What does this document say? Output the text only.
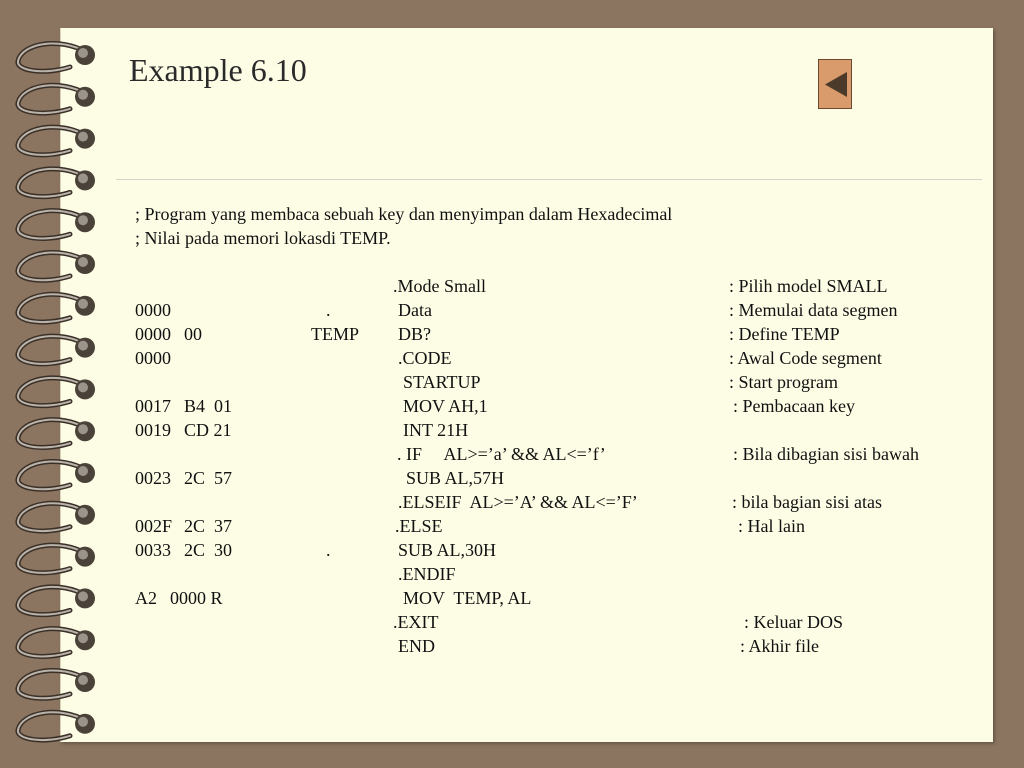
Example 6.10
; Program yang membaca sebuah key dan menyimpan dalam Hexadecimal
; Nilai pada memori lokasdi TEMP.
.Mode Small	: Pilih model SMALL
0000	.	Data	: Memulai data segmen
0000 00	TEMP DB?	: Define TEMP
0000	.CODE	: Awal Code segment
STARTUP	: Start program
0017 B4  01	MOV AH,1	: Pembacaan key
0019 CD 21	INT 21H
. IF     AL>=’a’ && AL<=’f’	: Bila dibagian sisi bawah
0023 2C  57	SUB AL,57H
.ELSEIF  AL>=’A’ && AL<=’F’	: bila bagian sisi atas
002F 2C  37	.ELSE	: Hal lain
0033 2C  30	.	SUB AL,30H
.ENDIF
A2 0000 R	MOV  TEMP, AL
.EXIT	: Keluar DOS
END	: Akhir file
